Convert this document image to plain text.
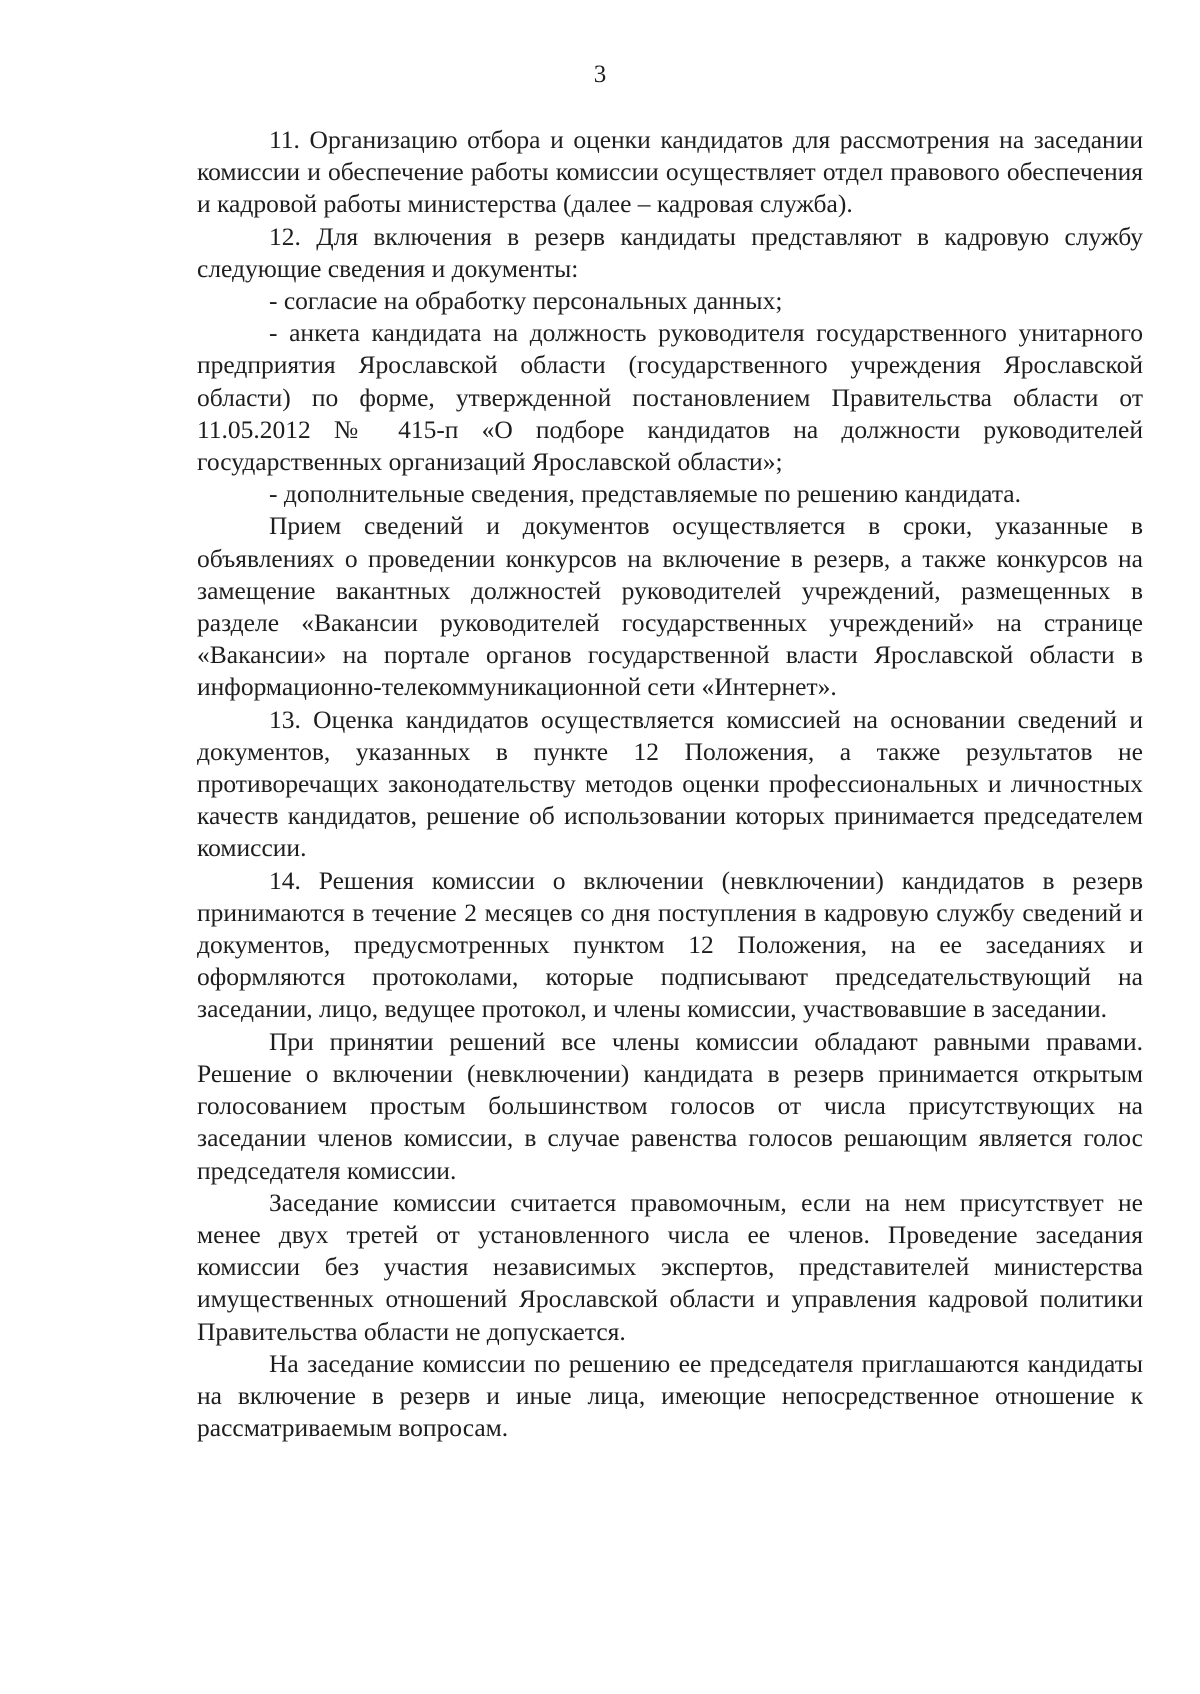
3

11. Организацию отбора и оценки кандидатов для рассмотрения на заседании комиссии и обеспечение работы комиссии осуществляет отдел правового обеспечения и кадровой работы министерства (далее – кадровая служба).

12. Для включения в резерв кандидаты представляют в кадровую службу следующие сведения и документы:

- согласие на обработку персональных данных;

- анкета кандидата на должность руководителя государственного унитарного предприятия Ярославской области (государственного учреждения Ярославской области) по форме, утвержденной постановлением Правительства области от 11.05.2012 № 415-п «О подборе кандидатов на должности руководителей государственных организаций Ярославской области»;

- дополнительные сведения, представляемые по решению кандидата.

Прием сведений и документов осуществляется в сроки, указанные в объявлениях о проведении конкурсов на включение в резерв, а также конкурсов на замещение вакантных должностей руководителей учреждений, размещенных в разделе «Вакансии руководителей государственных учреждений» на странице «Вакансии» на портале органов государственной власти Ярославской области в информационно-телекоммуникационной сети «Интернет».

13. Оценка кандидатов осуществляется комиссией на основании сведений и документов, указанных в пункте 12 Положения, а также результатов не противоречащих законодательству методов оценки профессиональных и личностных качеств кандидатов, решение об использовании которых принимается председателем комиссии.

14. Решения комиссии о включении (невключении) кандидатов в резерв принимаются в течение 2 месяцев со дня поступления в кадровую службу сведений и документов, предусмотренных пунктом 12 Положения, на ее заседаниях и оформляются протоколами, которые подписывают председательствующий на заседании, лицо, ведущее протокол, и члены комиссии, участвовавшие в заседании.

При принятии решений все члены комиссии обладают равными правами. Решение о включении (невключении) кандидата в резерв принимается открытым голосованием простым большинством голосов от числа присутствующих на заседании членов комиссии, в случае равенства голосов решающим является голос председателя комиссии.

Заседание комиссии считается правомочным, если на нем присутствует не менее двух третей от установленного числа ее членов. Проведение заседания комиссии без участия независимых экспертов, представителей министерства имущественных отношений Ярославской области и управления кадровой политики Правительства области не допускается.

На заседание комиссии по решению ее председателя приглашаются кандидаты на включение в резерв и иные лица, имеющие непосредственное отношение к рассматриваемым вопросам.
